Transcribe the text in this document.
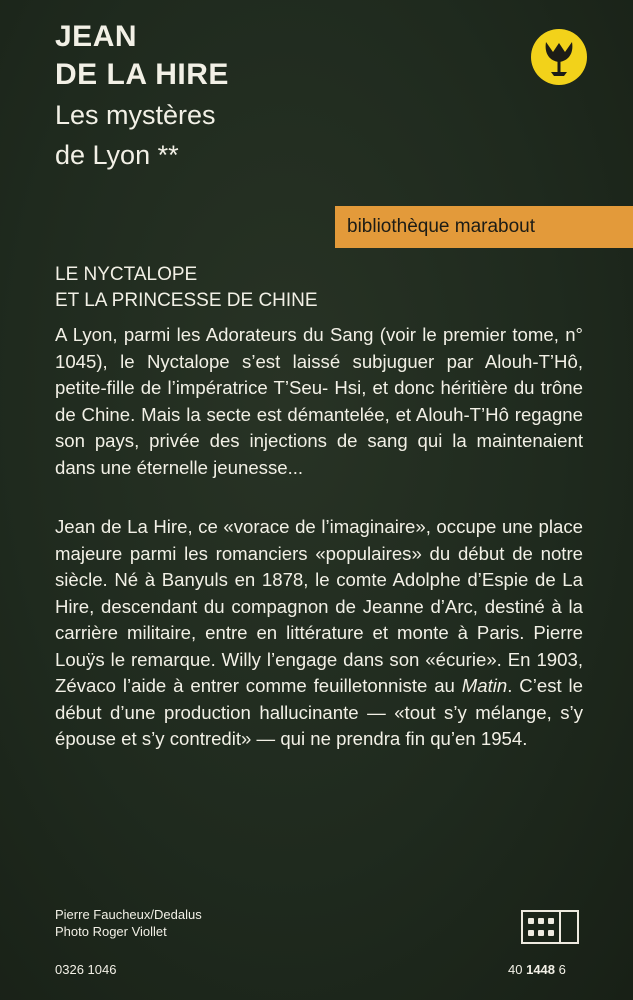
JEAN
DE LA HIRE
Les mystères
de Lyon **
bibliothèque marabout
LE NYCTALOPE
ET LA PRINCESSE DE CHINE
A Lyon, parmi les Adorateurs du Sang (voir le premier tome, n° 1045), le Nyctalope s’est laissé subjuguer par Alouh-T’Hô, petite-fille de l’impératrice T’Seu- Hsi, et donc héritière du trône de Chine. Mais la secte est démantelée, et Alouh-T’Hô regagne son pays, privée des injections de sang qui la maintenaient dans une éternelle jeunesse...
Jean de La Hire, ce «vorace de l’imaginaire», occupe une place majeure parmi les romanciers «populaires» du début de notre siècle. Né à Banyuls en 1878, le comte Adolphe d’Espie de La Hire, descendant du compagnon de Jeanne d’Arc, destiné à la carrière militaire, entre en littérature et monte à Paris. Pierre Louÿs le remarque. Willy l’engage dans son «écurie». En 1903, Zévaco l’aide à entrer comme feuilletonniste au Matin. C’est le début d’une production hallucinante — «tout s’y mélange, s’y épouse et s’y contredit» — qui ne prendra fin qu’en 1954.
Pierre Faucheux/Dedalus
Photo Roger Viollet
0326 1046	40 1448 6
